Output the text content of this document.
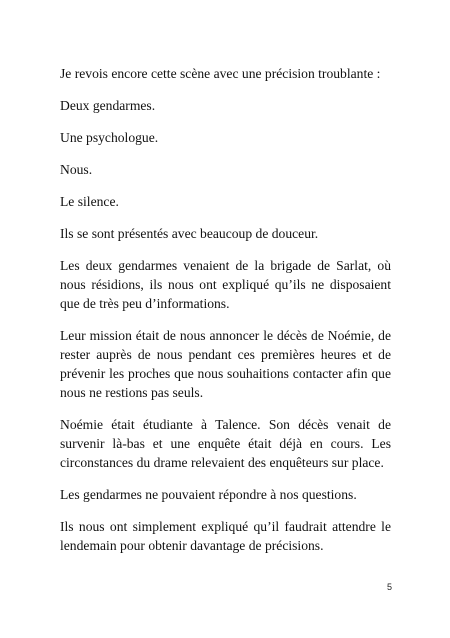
Je revois encore cette scène avec une précision troublante :

Deux gendarmes.

Une psychologue.

Nous.

Le silence.

Ils se sont présentés avec beaucoup de douceur.

Les deux gendarmes venaient de la brigade de Sarlat, où nous résidions, ils nous ont expliqué qu’ils ne disposaient que de très peu d’informations.

Leur mission était de nous annoncer le décès de Noémie, de rester auprès de nous pendant ces premières heures et de prévenir les proches que nous souhaitions contacter afin que nous ne restions pas seuls.

Noémie était étudiante à Talence. Son décès venait de survenir là-bas et une enquête était déjà en cours. Les circonstances du drame relevaient des enquêteurs sur place.

Les gendarmes ne pouvaient répondre à nos questions.

Ils nous ont simplement expliqué qu’il faudrait attendre le lendemain pour obtenir davantage de précisions.

5
